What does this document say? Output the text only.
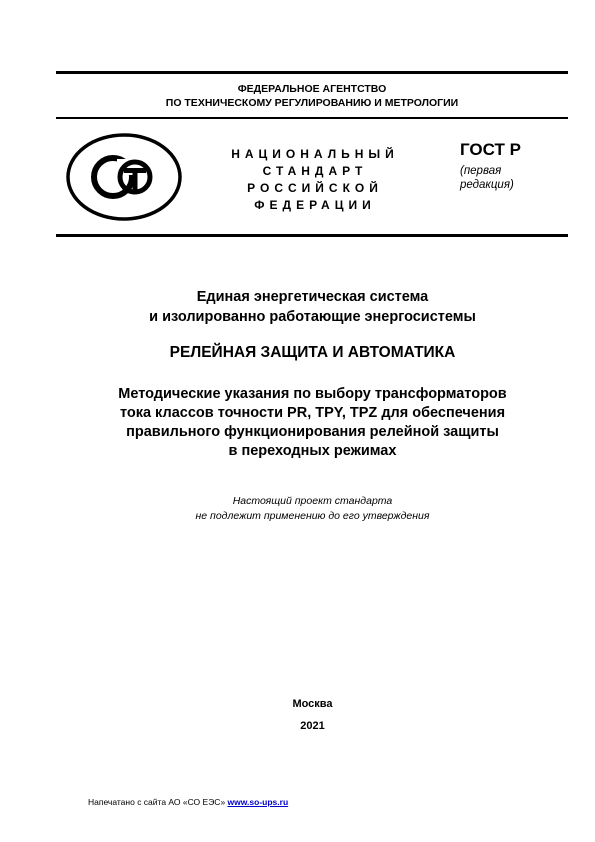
ФЕДЕРАЛЬНОЕ АГЕНТСТВО
ПО ТЕХНИЧЕСКОМУ РЕГУЛИРОВАНИЮ И МЕТРОЛОГИИ
НАЦИОНАЛЬНЫЙ
СТАНДАРТ
РОССИЙСКОЙ
ФЕДЕРАЦИИ
ГОСТ Р
(первая
редакция)
Единая энергетическая система
и изолированно работающие энергосистемы
РЕЛЕЙНАЯ ЗАЩИТА И АВТОМАТИКА
Методические указания по выбору трансформаторов
тока классов точности PR, TPY, TPZ для обеспечения
правильного функционирования релейной защиты
в переходных режимах
Настоящий проект стандарта
не подлежит применению до его утверждения
Москва
2021
Напечатано с сайта АО «СО ЕЭС» www.so-ups.ru
